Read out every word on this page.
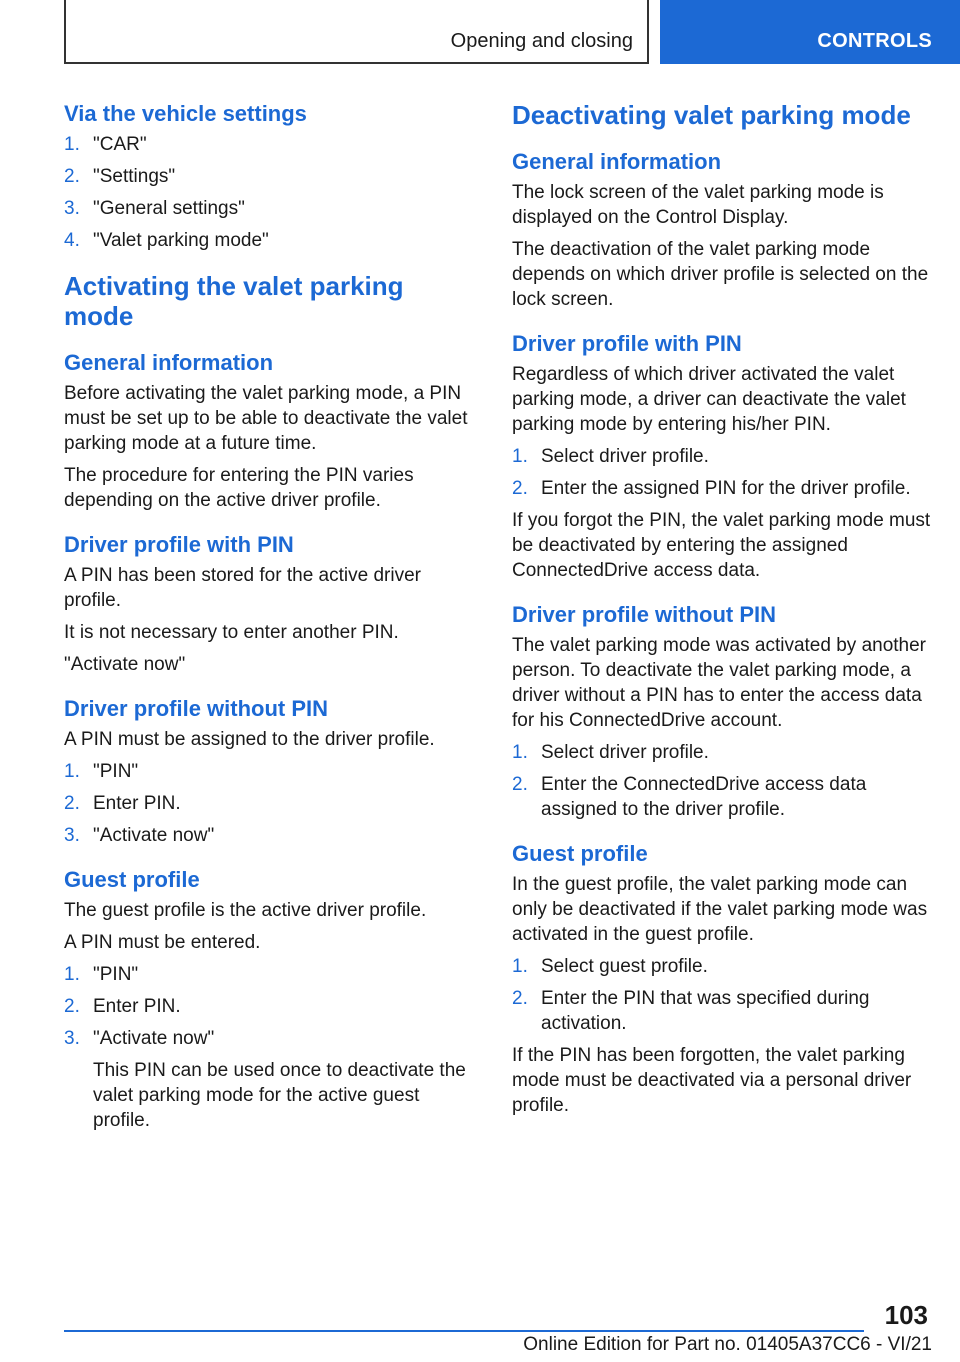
Opening and closing	CONTROLS
Via the vehicle settings
1. "CAR"
2. "Settings"
3. "General settings"
4. "Valet parking mode"
Activating the valet parking mode
General information

Before activating the valet parking mode, a PIN must be set up to be able to deactivate the valet parking mode at a future time.

The procedure for entering the PIN varies depending on the active driver profile.

Driver profile with PIN

A PIN has been stored for the active driver profile.

It is not necessary to enter another PIN.

"Activate now"

Driver profile without PIN

A PIN must be assigned to the driver profile.

1. "PIN"
2. Enter PIN.
3. "Activate now"
Guest profile

The guest profile is the active driver profile.

A PIN must be entered.

1. "PIN"
2. Enter PIN.
3. "Activate now"
This PIN can be used once to deactivate the valet parking mode for the active guest profile.
Deactivating valet parking mode
General information

The lock screen of the valet parking mode is displayed on the Control Display.

The deactivation of the valet parking mode depends on which driver profile is selected on the lock screen.

Driver profile with PIN

Regardless of which driver activated the valet parking mode, a driver can deactivate the valet parking mode by entering his/her PIN.

1. Select driver profile.
2. Enter the assigned PIN for the driver profile.

If you forgot the PIN, the valet parking mode must be deactivated by entering the assigned ConnectedDrive access data.

Driver profile without PIN

The valet parking mode was activated by another person. To deactivate the valet parking mode, a driver without a PIN has to enter the access data for his ConnectedDrive account.

1. Select driver profile.
2. Enter the ConnectedDrive access data assigned to the driver profile.
Guest profile

In the guest profile, the valet parking mode can only be deactivated if the valet parking mode was activated in the guest profile.

1. Select guest profile.
2. Enter the PIN that was specified during activation.

If the PIN has been forgotten, the valet parking mode must be deactivated via a personal driver profile.

103
Online Edition for Part no. 01405A37CC6 - VI/21
